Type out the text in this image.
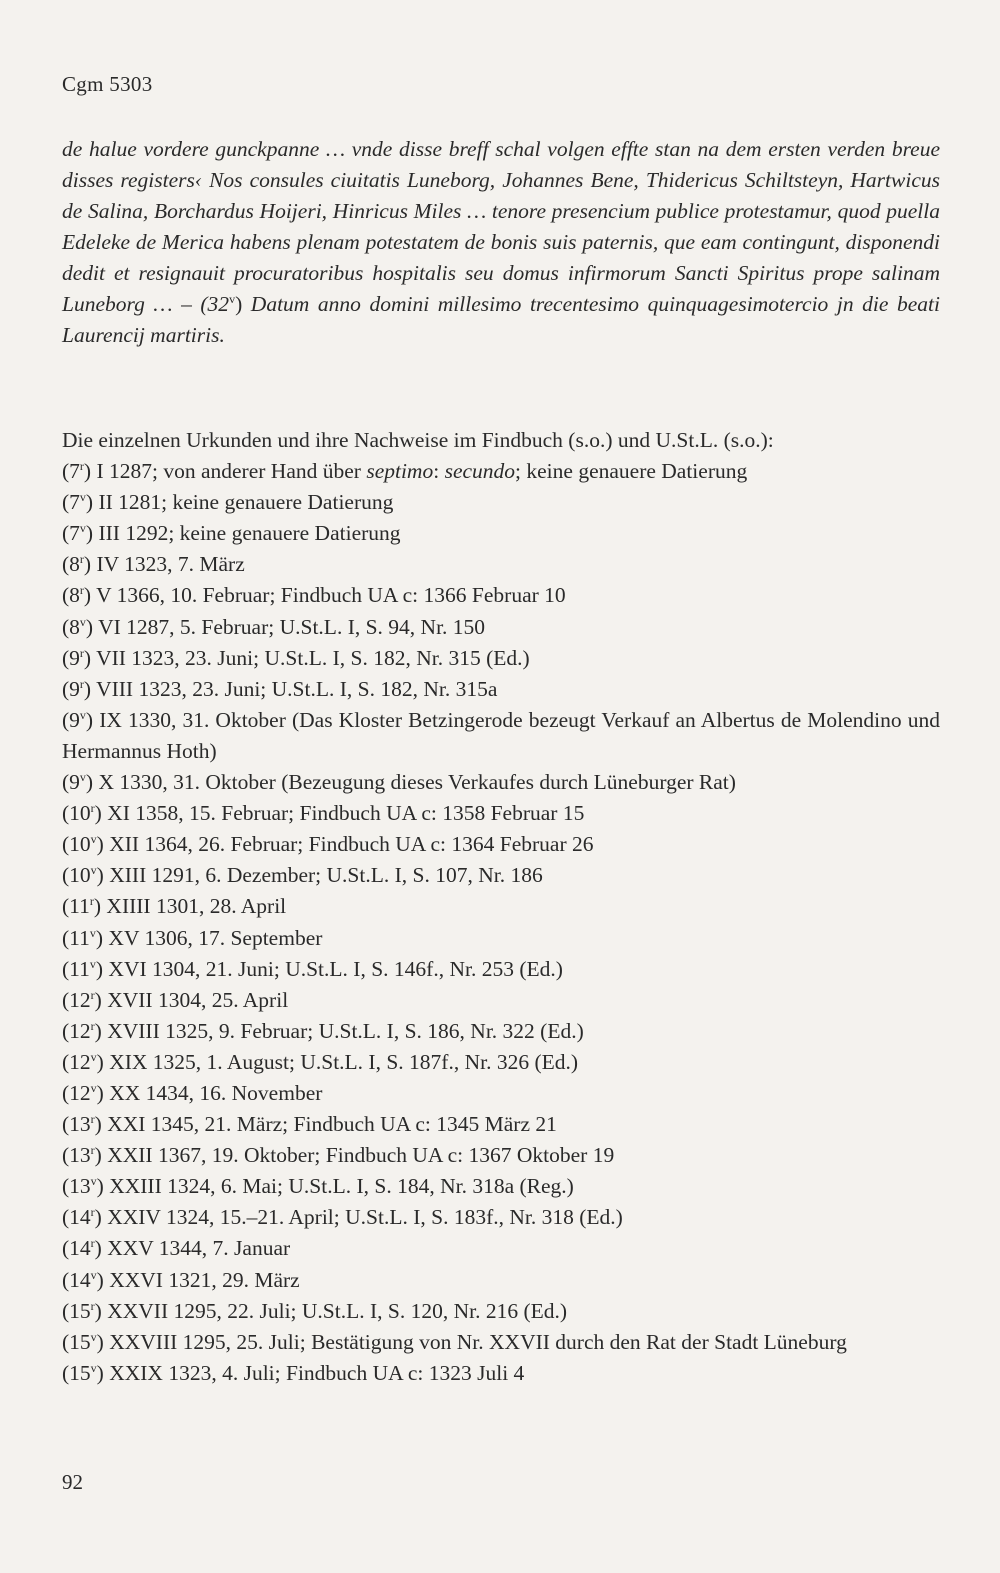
Cgm 5303
de halue vordere gunckpanne … vnde disse breff schal volgen effte stan na dem ersten verden breue disses registers‹ Nos consules ciuitatis Luneborg, Johannes Bene, Thidericus Schiltsteyn, Hartwicus de Salina, Borchardus Hoijeri, Hinricus Miles … tenore presencium publice protestamur, quod puella Edeleke de Merica habens plenam potestatem de bonis suis paternis, que eam contingunt, disponendi dedit et resignauit procuratoribus hospitalis seu domus infirmorum Sancti Spiritus prope salinam Luneborg … – (32$^v$) Datum anno domini millesimo trecentesimo quinquagesimotercio jn die beati Laurencij martiris.
Die einzelnen Urkunden und ihre Nachweise im Findbuch (s.o.) und U.St.L. (s.o.):
(7$^r$) I 1287; von anderer Hand über septimo: secundo; keine genauere Datierung
(7$^v$) II 1281; keine genauere Datierung
(7$^v$) III 1292; keine genauere Datierung
(8$^r$) IV 1323, 7. März
(8$^r$) V 1366, 10. Februar; Findbuch UA c: 1366 Februar 10
(8$^v$) VI 1287, 5. Februar; U.St.L. I, S. 94, Nr. 150
(9$^r$) VII 1323, 23. Juni; U.St.L. I, S. 182, Nr. 315 (Ed.)
(9$^r$) VIII 1323, 23. Juni; U.St.L. I, S. 182, Nr. 315a
(9$^v$) IX 1330, 31. Oktober (Das Kloster Betzingerode bezeugt Verkauf an Albertus de Molendino und Hermannus Hoth)
(9$^v$) X 1330, 31. Oktober (Bezeugung dieses Verkaufes durch Lüneburger Rat)
(10$^r$) XI 1358, 15. Februar; Findbuch UA c: 1358 Februar 15
(10$^v$) XII 1364, 26. Februar; Findbuch UA c: 1364 Februar 26
(10$^v$) XIII 1291, 6. Dezember; U.St.L. I, S. 107, Nr. 186
(11$^r$) XIIII 1301, 28. April
(11$^v$) XV 1306, 17. September
(11$^v$) XVI 1304, 21. Juni; U.St.L. I, S. 146f., Nr. 253 (Ed.)
(12$^r$) XVII 1304, 25. April
(12$^r$) XVIII 1325, 9. Februar; U.St.L. I, S. 186, Nr. 322 (Ed.)
(12$^v$) XIX 1325, 1. August; U.St.L. I, S. 187f., Nr. 326 (Ed.)
(12$^v$) XX 1434, 16. November
(13$^r$) XXI 1345, 21. März; Findbuch UA c: 1345 März 21
(13$^r$) XXII 1367, 19. Oktober; Findbuch UA c: 1367 Oktober 19
(13$^v$) XXIII 1324, 6. Mai; U.St.L. I, S. 184, Nr. 318a (Reg.)
(14$^r$) XXIV 1324, 15.–21. April; U.St.L. I, S. 183f., Nr. 318 (Ed.)
(14$^r$) XXV 1344, 7. Januar
(14$^v$) XXVI 1321, 29. März
(15$^r$) XXVII 1295, 22. Juli; U.St.L. I, S. 120, Nr. 216 (Ed.)
(15$^v$) XXVIII 1295, 25. Juli; Bestätigung von Nr. XXVII durch den Rat der Stadt Lüneburg
(15$^v$) XXIX 1323, 4. Juli; Findbuch UA c: 1323 Juli 4
92
